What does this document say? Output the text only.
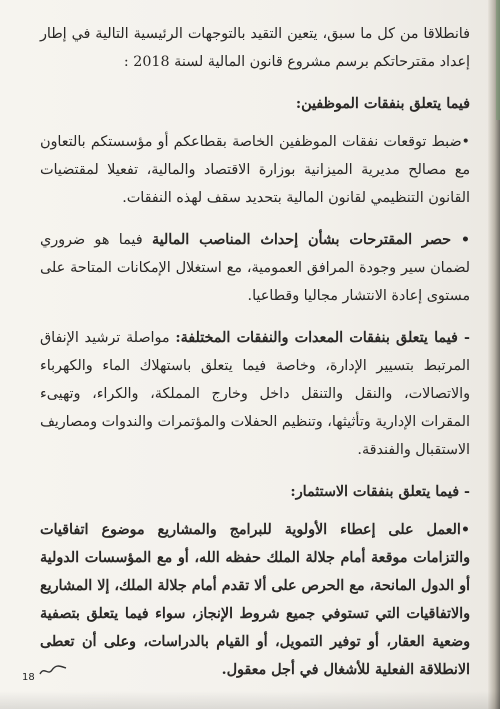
فانطلاقا من كل ما سبق، يتعين التقيد بالتوجهات الرئيسية التالية في إطار إعداد مقترحاتكم برسم مشروع قانون المالية لسنة 2018 :

فيما يتعلق بنفقات الموظفين:

•ضبط توقعات نفقات الموظفين الخاصة بقطاعكم أو مؤسستكم بالتعاون مع مصالح مديرية الميزانية بوزارة الاقتصاد والمالية، تفعيلا لمقتضيات القانون التنظيمي لقانون المالية بتحديد سقف لهذه النفقات.

• حصر المقترحات بشأن إحداث المناصب المالية فيما هو ضروري لضمان سير وجودة المرافق العمومية، مع استغلال الإمكانات المتاحة على مستوى إعادة الانتشار مجاليا وقطاعيا.

- فيما يتعلق بنفقات المعدات والنفقات المختلفة: مواصلة ترشيد الإنفاق المرتبط بتسيير الإدارة، وخاصة فيما يتعلق باستهلاك الماء والكهرباء والاتصالات، والنقل والتنقل داخل وخارج المملكة، والكراء، وتهيىء المقرات الإدارية وتأثيثها، وتنظيم الحفلات والمؤتمرات والندوات ومصاريف الاستقبال والفندقة.

- فيما يتعلق بنفقات الاستثمار:

•العمل على إعطاء الأولوية للبرامج والمشاريع موضوع اتفاقيات والتزامات موقعة أمام جلالة الملك حفظه الله، أو مع المؤسسات الدولية أو الدول المانحة، مع الحرص على ألا تقدم أمام جلالة الملك، إلا المشاريع والاتفاقيات التي تستوفي جميع شروط الإنجاز، سواء فيما يتعلق بتصفية وضعية العقار، أو توفير التمويل، أو القيام بالدراسات، وعلى أن تعطى الانطلاقة الفعلية للأشغال في أجل معقول.

18
